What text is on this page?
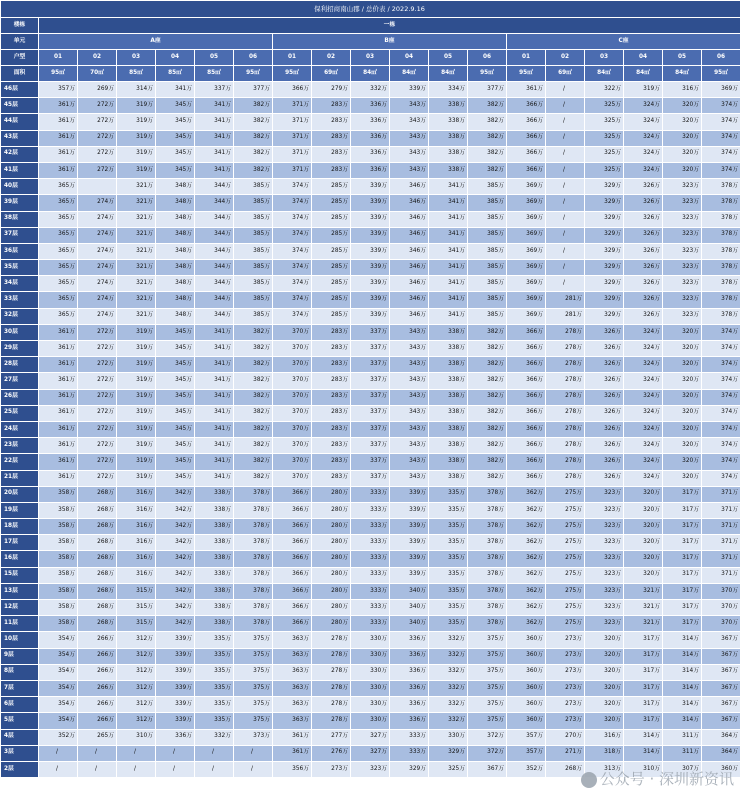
保利招商南山郡 / 总价表 / 2022.9.16																		
楼栋	一栋																	
单元	A座						B座						C座					
户型	01	02	03	04	05	06	01	02	03	04	05	06	01	02	03	04	05	06
面积	95㎡	70㎡	85㎡	85㎡	85㎡	95㎡	95㎡	69㎡	84㎡	84㎡	84㎡	95㎡	95㎡	69㎡	84㎡	84㎡	84㎡	95㎡
46层	357万	269万	314万	341万	337万	377万	366万	279万	332万	339万	334万	377万	361万	/	322万	319万	316万	369万
45层	361万	272万	319万	345万	341万	382万	371万	283万	336万	343万	338万	382万	366万	/	325万	324万	320万	374万
44层	361万	272万	319万	345万	341万	382万	371万	283万	336万	343万	338万	382万	366万	/	325万	324万	320万	374万
43层	361万	272万	319万	345万	341万	382万	371万	283万	336万	343万	338万	382万	366万	/	325万	324万	320万	374万
42层	361万	272万	319万	345万	341万	382万	371万	283万	336万	343万	338万	382万	366万	/	325万	324万	320万	374万
41层	361万	272万	319万	345万	341万	382万	371万	283万	336万	343万	338万	382万	366万	/	325万	324万	320万	374万
40层	365万		321万	348万	344万	385万	374万	285万	339万	346万	341万	385万	369万	/	329万	326万	323万	378万
39层	365万	274万	321万	348万	344万	385万	374万	285万	339万	346万	341万	385万	369万	/	329万	326万	323万	378万
38层	365万	274万	321万	348万	344万	385万	374万	285万	339万	346万	341万	385万	369万	/	329万	326万	323万	378万
37层	365万	274万	321万	348万	344万	385万	374万	285万	339万	346万	341万	385万	369万	/	329万	326万	323万	378万
36层	365万	274万	321万	348万	344万	385万	374万	285万	339万	346万	341万	385万	369万	/	329万	326万	323万	378万
35层	365万	274万	321万	348万	344万	385万	374万	285万	339万	346万	341万	385万	369万	/	329万	326万	323万	378万
34层	365万	274万	321万	348万	344万	385万	374万	285万	339万	346万	341万	385万	369万	/	329万	326万	323万	378万
33层	365万	274万	321万	348万	344万	385万	374万	285万	339万	346万	341万	385万	369万	281万	329万	326万	323万	378万
32层	365万	274万	321万	348万	344万	385万	374万	285万	339万	346万	341万	385万	369万	281万	329万	326万	323万	378万
30层	361万	272万	319万	345万	341万	382万	370万	283万	337万	343万	338万	382万	366万	278万	326万	324万	320万	374万
29层	361万	272万	319万	345万	341万	382万	370万	283万	337万	343万	338万	382万	366万	278万	326万	324万	320万	374万
28层	361万	272万	319万	345万	341万	382万	370万	283万	337万	343万	338万	382万	366万	278万	326万	324万	320万	374万
27层	361万	272万	319万	345万	341万	382万	370万	283万	337万	343万	338万	382万	366万	278万	326万	324万	320万	374万
26层	361万	272万	319万	345万	341万	382万	370万	283万	337万	343万	338万	382万	366万	278万	326万	324万	320万	374万
25层	361万	272万	319万	345万	341万	382万	370万	283万	337万	343万	338万	382万	366万	278万	326万	324万	320万	374万
24层	361万	272万	319万	345万	341万	382万	370万	283万	337万	343万	338万	382万	366万	278万	326万	324万	320万	374万
23层	361万	272万	319万	345万	341万	382万	370万	283万	337万	343万	338万	382万	366万	278万	326万	324万	320万	374万
22层	361万	272万	319万	345万	341万	382万	370万	283万	337万	343万	338万	382万	366万	278万	326万	324万	320万	374万
21层	361万	272万	319万	345万	341万	382万	370万	283万	337万	343万	338万	382万	366万	278万	326万	324万	320万	374万
20层	358万	268万	316万	342万	338万	378万	366万	280万	333万	339万	335万	378万	362万	275万	323万	320万	317万	371万
19层	358万	268万	316万	342万	338万	378万	366万	280万	333万	339万	335万	378万	362万	275万	323万	320万	317万	371万
18层	358万	268万	316万	342万	338万	378万	366万	280万	333万	339万	335万	378万	362万	275万	323万	320万	317万	371万
17层	358万	268万	316万	342万	338万	378万	366万	280万	333万	339万	335万	378万	362万	275万	323万	320万	317万	371万
16层	358万	268万	316万	342万	338万	378万	366万	280万	333万	339万	335万	378万	362万	275万	323万	320万	317万	371万
15层	358万	268万	316万	342万	338万	378万	366万	280万	333万	339万	335万	378万	362万	275万	323万	320万	317万	371万
13层	358万	268万	315万	342万	338万	378万	366万	280万	333万	340万	335万	378万	362万	275万	323万	321万	317万	370万
12层	358万	268万	315万	342万	338万	378万	366万	280万	333万	340万	335万	378万	362万	275万	323万	321万	317万	370万
11层	358万	268万	315万	342万	338万	378万	366万	280万	333万	340万	335万	378万	362万	275万	323万	321万	317万	370万
10层	354万	266万	312万	339万	335万	375万	363万	278万	330万	336万	332万	375万	360万	273万	320万	317万	314万	367万
9层	354万	266万	312万	339万	335万	375万	363万	278万	330万	336万	332万	375万	360万	273万	320万	317万	314万	367万
8层	354万	266万	312万	339万	335万	375万	363万	278万	330万	336万	332万	375万	360万	273万	320万	317万	314万	367万
7层	354万	266万	312万	339万	335万	375万	363万	278万	330万	336万	332万	375万	360万	273万	320万	317万	314万	367万
6层	354万	266万	312万	339万	335万	375万	363万	278万	330万	336万	332万	375万	360万	273万	320万	317万	314万	367万
5层	354万	266万	312万	339万	335万	375万	363万	278万	330万	336万	332万	375万	360万	273万	320万	317万	314万	367万
4层	352万	265万	310万	336万	332万	373万	361万	277万	327万	333万	330万	372万	357万	270万	316万	314万	311万	364万
3层	/	/	/	/	/	/	361万	276万	327万	333万	329万	372万	357万	271万	318万	314万	311万	364万
2层	/	/	/	/	/	/	356万	273万	323万	329万	325万	367万	352万	268万	313万	310万	307万	360万
公众号 · 深圳新资讯
